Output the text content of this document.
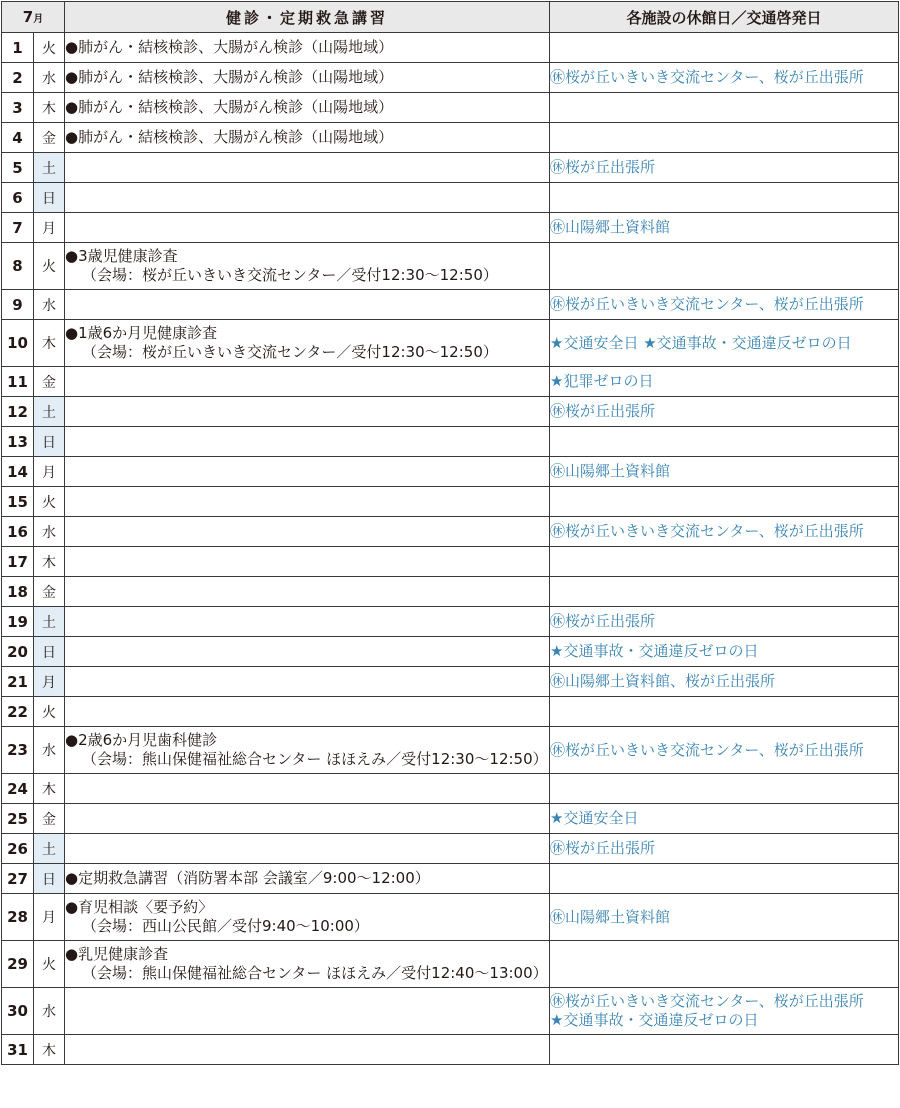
7月		健診・定期救急講習	各施設の休館日／交通啓発日
1	火	●肺がん・結核検診、大腸がん検診（山陽地域）	

2	水	●肺がん・結核検診、大腸がん検診（山陽地域）	㊡桜が丘いきいき交流センター、桜が丘出張所

3	木	●肺がん・結核検診、大腸がん検診（山陽地域）	

4	金	●肺がん・結核検診、大腸がん検診（山陽地域）	

5	土		㊡桜が丘出張所

6	日		
7	月		㊡山陽郷土資料館

8	火	●3歳児健康診査
（会場：桜が丘いきいき交流センター／受付12:30～12:50）	

9	水		㊡桜が丘いきいき交流センター、桜が丘出張所

10	木	●1歳6か月児健康診査
（会場：桜が丘いきいき交流センター／受付12:30～12:50）	★交通安全日 ★交通事故・交通違反ゼロの日

11	金		★犯罪ゼロの日

12	土		㊡桜が丘出張所

13	日		
14	月		㊡山陽郷土資料館

15	火		
16	水		㊡桜が丘いきいき交流センター、桜が丘出張所

17	木		
18	金		
19	土		㊡桜が丘出張所

20	日		★交通事故・交通違反ゼロの日

21	月		㊡山陽郷土資料館、桜が丘出張所

22	火		
23	水	●2歳6か月児歯科健診
（会場：熊山保健福祉総合センター ほほえみ／受付12:30～12:50）	㊡桜が丘いきいき交流センター、桜が丘出張所

24	木		
25	金		★交通安全日

26	土		㊡桜が丘出張所

27	日	●定期救急講習（消防署本部 会議室／9:00～12:00）	

28	月	●育児相談〈要予約〉
（会場：西山公民館／受付9:40～10:00）	㊡山陽郷土資料館

29	火	●乳児健康診査
（会場：熊山保健福祉総合センター ほほえみ／受付12:40～13:00）	

30	水		㊡桜が丘いきいき交流センター、桜が丘出張所
★交通事故・交通違反ゼロの日

31	木		
